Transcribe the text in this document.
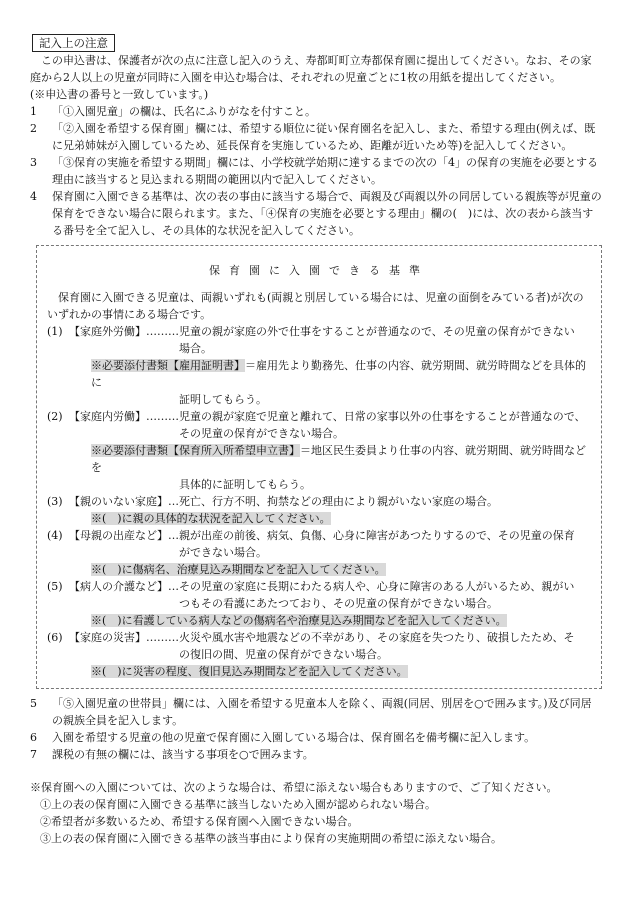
記入上の注意

この申込書は、保護者が次の点に注意し記入のうえ、寿都町町立寿都保育園に提出してください。なお、その家庭から2人以上の児童が同時に入園を申込む場合は、それぞれの児童ごとに1枚の用紙を提出してください。

(※申込書の番号と一致しています。)

1	「①入園児童」の欄は、氏名にふりがなを付すこと。
2	「②入園を希望する保育園」欄には、希望する順位に従い保育園名を記入し、また、希望する理由(例えば、既に兄弟姉妹が入園しているため、延長保育を実施しているため、距離が近いため等)を記入してください。
3	「③保育の実施を希望する期間」欄には、小学校就学始期に達するまでの次の「4」の保育の実施を必要とする理由に該当すると見込まれる期間の範囲以内で記入してください。
4	保育園に入園できる基準は、次の表の事由に該当する場合で、両親及び両親以外の同居している親族等が児童の保育をできない場合に限られます。また、「④保育の実施を必要とする理由」欄の(　)には、次の表から該当する番号を全て記入し、その具体的な状況を記入してください。
保育園に入園できる基準

保育園に入園できる児童は、両親いずれも(両親と別居している場合には、児童の面倒をみている者)が次のいずれかの事情にある場合です。

(1) 【家庭外労働】………児童の親が家庭の外で仕事をすることが普通なので、その児童の保育ができない
場合。
※必要添付書類【雇用証明書】＝雇用先より勤務先、仕事の内容、就労期間、就労時間などを具体的に
証明してもらう。
(2) 【家庭内労働】………児童の親が家庭で児童と離れて、日常の家事以外の仕事をすることが普通なので、
その児童の保育ができない場合。
※必要添付書類【保育所入所希望申立書】＝地区民生委員より仕事の内容、就労期間、就労時間などを
具体的に証明してもらう。
(3) 【親のいない家庭】…死亡、行方不明、拘禁などの理由により親がいない家庭の場合。
※(　)に親の具体的な状況を記入してください。
(4) 【母親の出産など】…親が出産の前後、病気、負傷、心身に障害があつたりするので、その児童の保育
ができない場合。
※(　)に傷病名、治療見込み期間などを記入してください。
(5) 【病人の介護など】…その児童の家庭に長期にわたる病人や、心身に障害のある人がいるため、親がい
つもその看護にあたつており、その児童の保育ができない場合。
※(　)に看護している病人などの傷病名や治療見込み期間などを記入してください。
(6) 【家庭の災害】………火災や風水害や地震などの不幸があり、その家庭を失つたり、破損したため、そ
の復旧の間、児童の保育ができない場合。
※(　)に災害の程度、復旧見込み期間などを記入してください。
5	「⑤入園児童の世帯員」欄には、入園を希望する児童本人を除く、両親(同居、別居を○で囲みます。)及び同居の親族全員を記入します。
6	入園を希望する児童の他の児童で保育園に入園している場合は、保育園名を備考欄に記入します。
7	課税の有無の欄には、該当する事項を○で囲みます。

※保育園への入園については、次のような場合は、希望に添えない場合もありますので、ご了知ください。

①上の表の保育園に入園できる基準に該当しないため入園が認められない場合。

②希望者が多数いるため、希望する保育園へ入園できない場合。

③上の表の保育園に入園できる基準の該当事由により保育の実施期間の希望に添えない場合。
